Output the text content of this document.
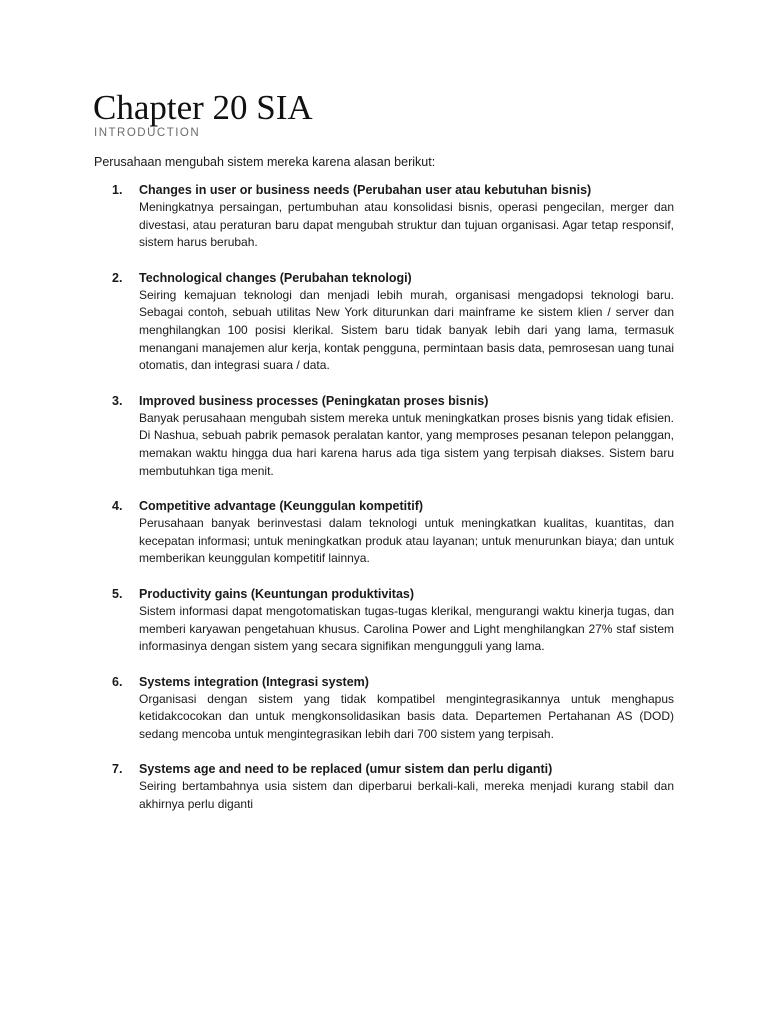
Chapter 20 SIA
INTRODUCTION
Perusahaan mengubah sistem mereka karena alasan berikut:
1.	Changes in user or business needs (Perubahan user atau kebutuhan bisnis)
Meningkatnya persaingan, pertumbuhan atau konsolidasi bisnis, operasi pengecilan, merger dan divestasi, atau peraturan baru dapat mengubah struktur dan tujuan organisasi. Agar tetap responsif, sistem harus berubah.
2.	Technological changes (Perubahan teknologi)
Seiring kemajuan teknologi dan menjadi lebih murah, organisasi mengadopsi teknologi baru. Sebagai contoh, sebuah utilitas New York diturunkan dari mainframe ke sistem klien / server dan menghilangkan 100 posisi klerikal. Sistem baru tidak banyak lebih dari yang lama, termasuk menangani manajemen alur kerja, kontak pengguna, permintaan basis data, pemrosesan uang tunai otomatis, dan integrasi suara / data.
3.	Improved business processes (Peningkatan proses bisnis)
Banyak perusahaan mengubah sistem mereka untuk meningkatkan proses bisnis yang tidak efisien. Di Nashua, sebuah pabrik pemasok peralatan kantor, yang memproses pesanan telepon pelanggan, memakan waktu hingga dua hari karena harus ada tiga sistem yang terpisah diakses. Sistem baru membutuhkan tiga menit.
4.	Competitive advantage (Keunggulan kompetitif)
Perusahaan banyak berinvestasi dalam teknologi untuk meningkatkan kualitas, kuantitas, dan kecepatan informasi; untuk meningkatkan produk atau layanan; untuk menurunkan biaya; dan untuk memberikan keunggulan kompetitif lainnya.
5.	Productivity gains (Keuntungan produktivitas)
Sistem informasi dapat mengotomatiskan tugas-tugas klerikal, mengurangi waktu kinerja tugas, dan memberi karyawan pengetahuan khusus. Carolina Power and Light menghilangkan 27% staf sistem informasinya dengan sistem yang secara signifikan mengungguli yang lama.
6.	Systems integration (Integrasi system)
Organisasi dengan sistem yang tidak kompatibel mengintegrasikannya untuk menghapus ketidakcocokan dan untuk mengkonsolidasikan basis data. Departemen Pertahanan AS (DOD) sedang mencoba untuk mengintegrasikan lebih dari 700 sistem yang terpisah.
7.	Systems age and need to be replaced (umur sistem dan perlu diganti)
Seiring bertambahnya usia sistem dan diperbarui berkali-kali, mereka menjadi kurang stabil dan akhirnya perlu diganti
